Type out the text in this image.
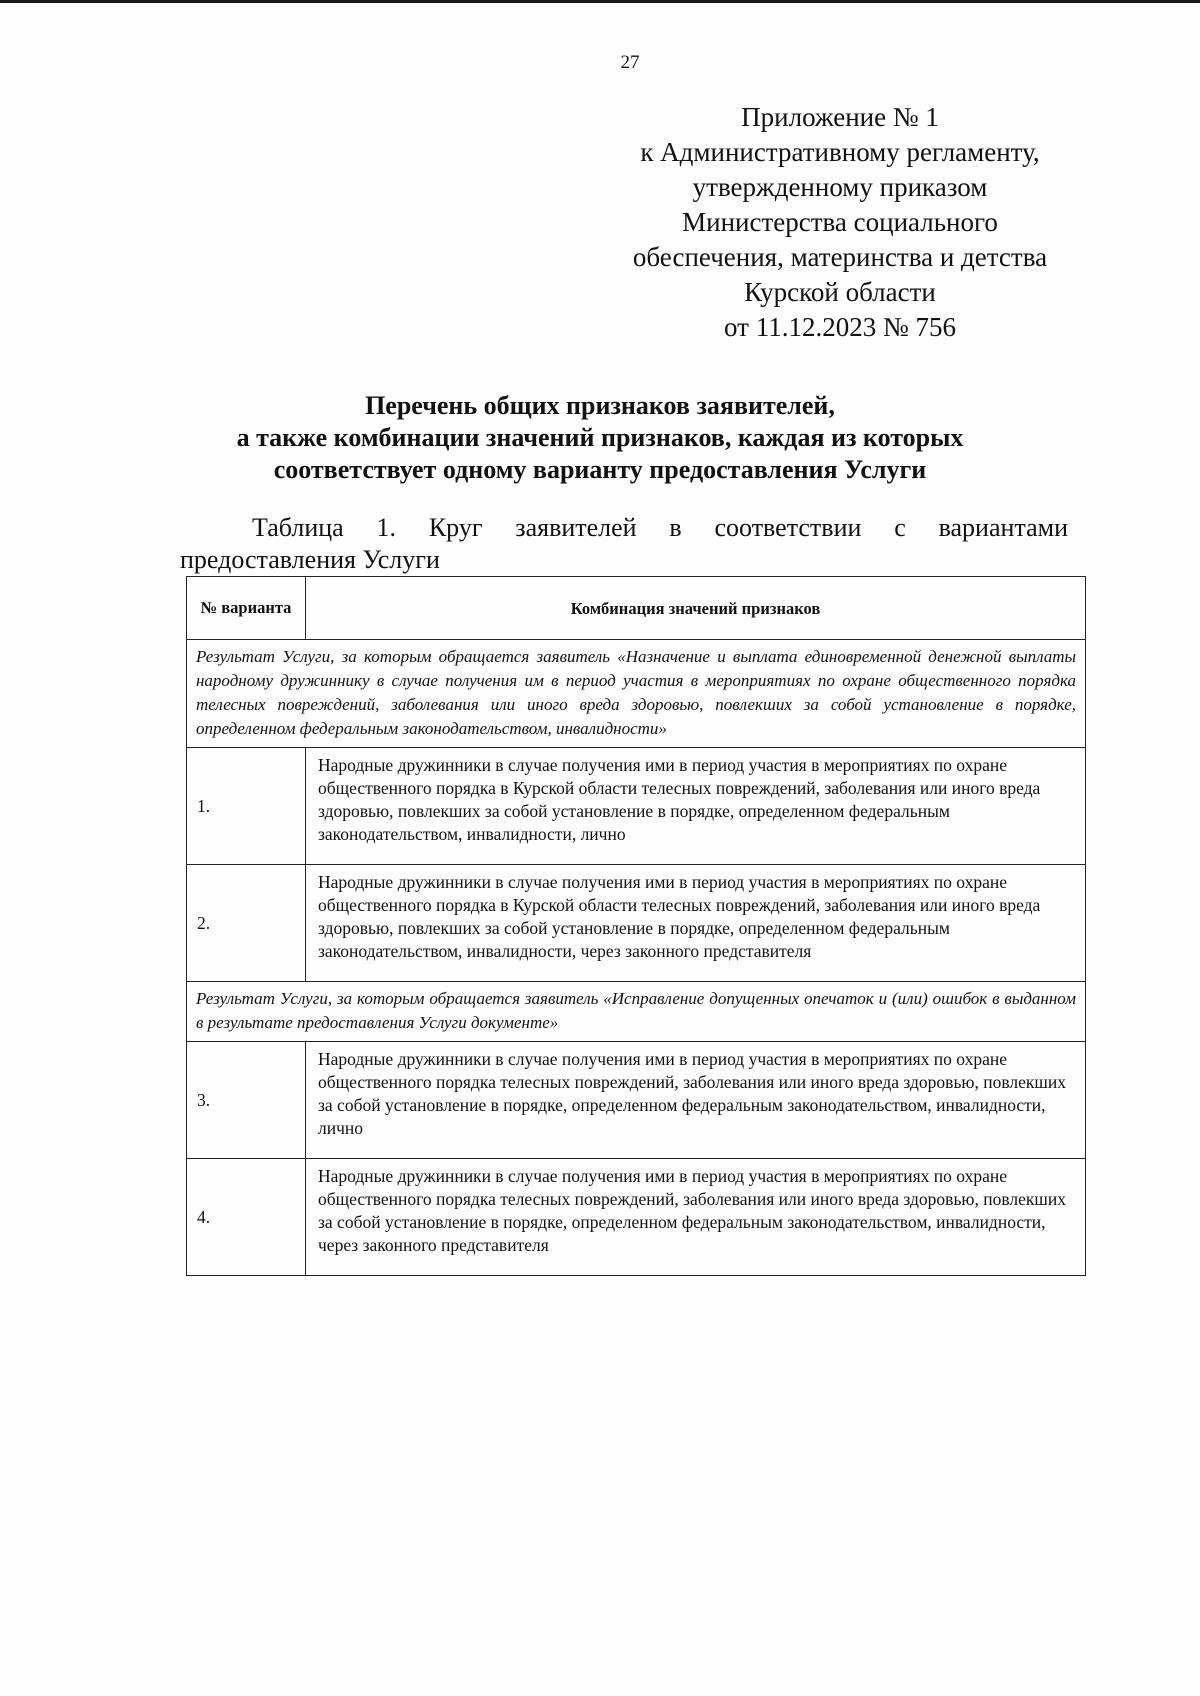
27
Приложение № 1
к Административному регламенту,
утвержденному приказом
Министерства социального
обеспечения, материнства и детства
Курской области
от 11.12.2023 № 756
Перечень общих признаков заявителей,
а также комбинации значений признаков, каждая из которых
соответствует одному варианту предоставления Услуги
Таблица 1. Круг заявителей в соответствии с вариантами
предоставления Услуги
№ варианта	Комбинация значений признаков
Результат Услуги, за которым обращается заявитель «Назначение и выплата единовременной денежной выплаты народному дружиннику в случае получения им в период участия в мероприятиях по охране общественного порядка телесных повреждений, заболевания или иного вреда здоровью, повлекших за собой установление в порядке, определенном федеральным законодательством, инвалидности»	
1.	Народные дружинники в случае получения ими в период участия в мероприятиях по охране общественного порядка в Курской области телесных повреждений, заболевания или иного вреда здоровью, повлекших за собой установление в порядке, определенном федеральным законодательством, инвалидности, лично
2.	Народные дружинники в случае получения ими в период участия в мероприятиях по охране общественного порядка в Курской области телесных повреждений, заболевания или иного вреда здоровью, повлекших за собой установление в порядке, определенном федеральным законодательством, инвалидности, через законного представителя
Результат Услуги, за которым обращается заявитель «Исправление допущенных опечаток и (или) ошибок в выданном в результате предоставления Услуги документе»	
3.	Народные дружинники в случае получения ими в период участия в мероприятиях по охране общественного порядка телесных повреждений, заболевания или иного вреда здоровью, повлекших за собой установление в порядке, определенном федеральным законодательством, инвалидности, лично
4.	Народные дружинники в случае получения ими в период участия в мероприятиях по охране общественного порядка телесных повреждений, заболевания или иного вреда здоровью, повлекших за собой установление в порядке, определенном федеральным законодательством, инвалидности, через законного представителя
